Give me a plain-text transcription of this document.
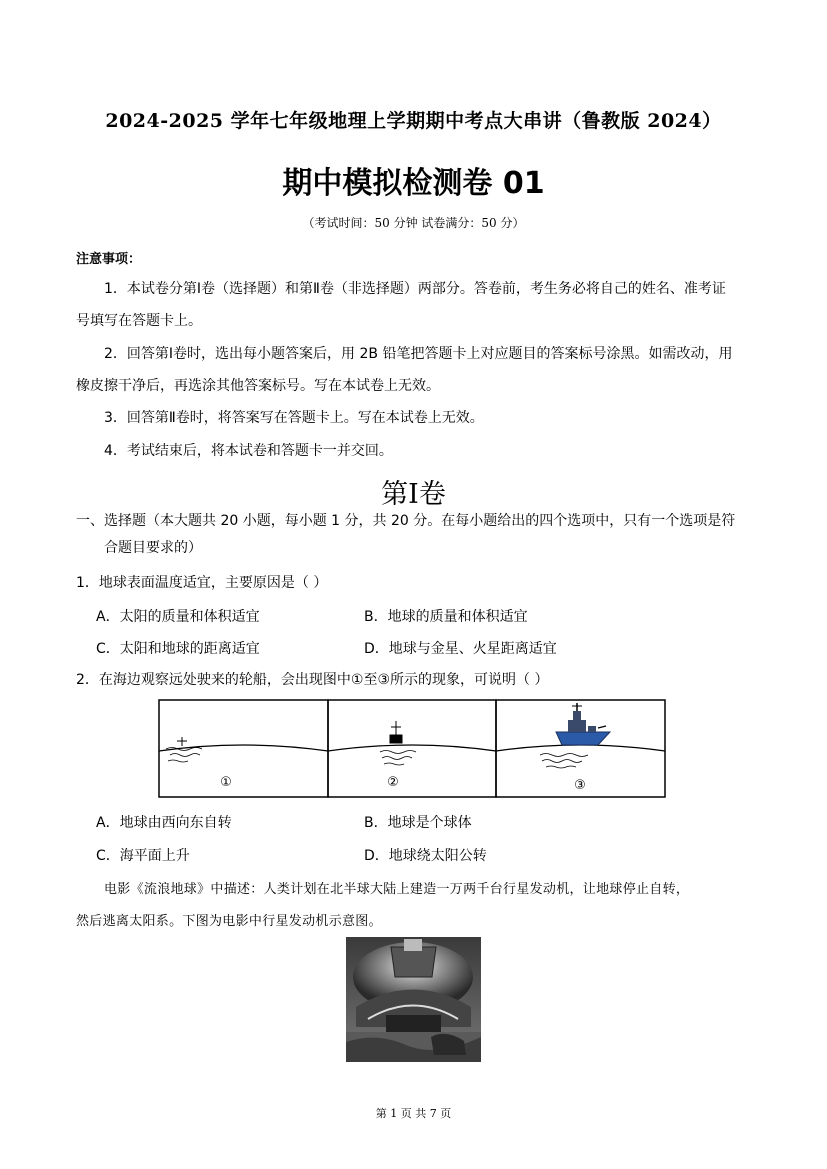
2024-2025 学年七年级地理上学期期中考点大串讲（鲁教版 2024）
期中模拟检测卷 01
（考试时间：50 分钟 试卷满分：50 分）
注意事项：
1．本试卷分第Ⅰ卷（选择题）和第Ⅱ卷（非选择题）两部分。答卷前，考生务必将自己的姓名、准考证
号填写在答题卡上。
2．回答第Ⅰ卷时，选出每小题答案后，用 2B 铅笔把答题卡上对应题目的答案标号涂黑。如需改动，用
橡皮擦干净后，再选涂其他答案标号。写在本试卷上无效。
3．回答第Ⅱ卷时，将答案写在答题卡上。写在本试卷上无效。
4．考试结束后，将本试卷和答题卡一并交回。
第Ⅰ卷
一、选择题（本大题共 20 小题，每小题 1 分，共 20 分。在每小题给出的四个选项中，只有一个选项是符
合题目要求的）
1．地球表面温度适宜，主要原因是（ ）
A．太阳的质量和体积适宜	B．地球的质量和体积适宜
C．太阳和地球的距离适宜	D．地球与金星、火星距离适宜
2．在海边观察远处驶来的轮船，会出现图中①至③所示的现象，可说明（ ）
①	②	③
A．地球由西向东自转	B．地球是个球体
C．海平面上升	D．地球绕太阳公转
电影《流浪地球》中描述：人类计划在北半球大陆上建造一万两千台行星发动机，让地球停止自转，
然后逃离太阳系。下图为电影中行星发动机示意图。
第 1 页 共 7 页
